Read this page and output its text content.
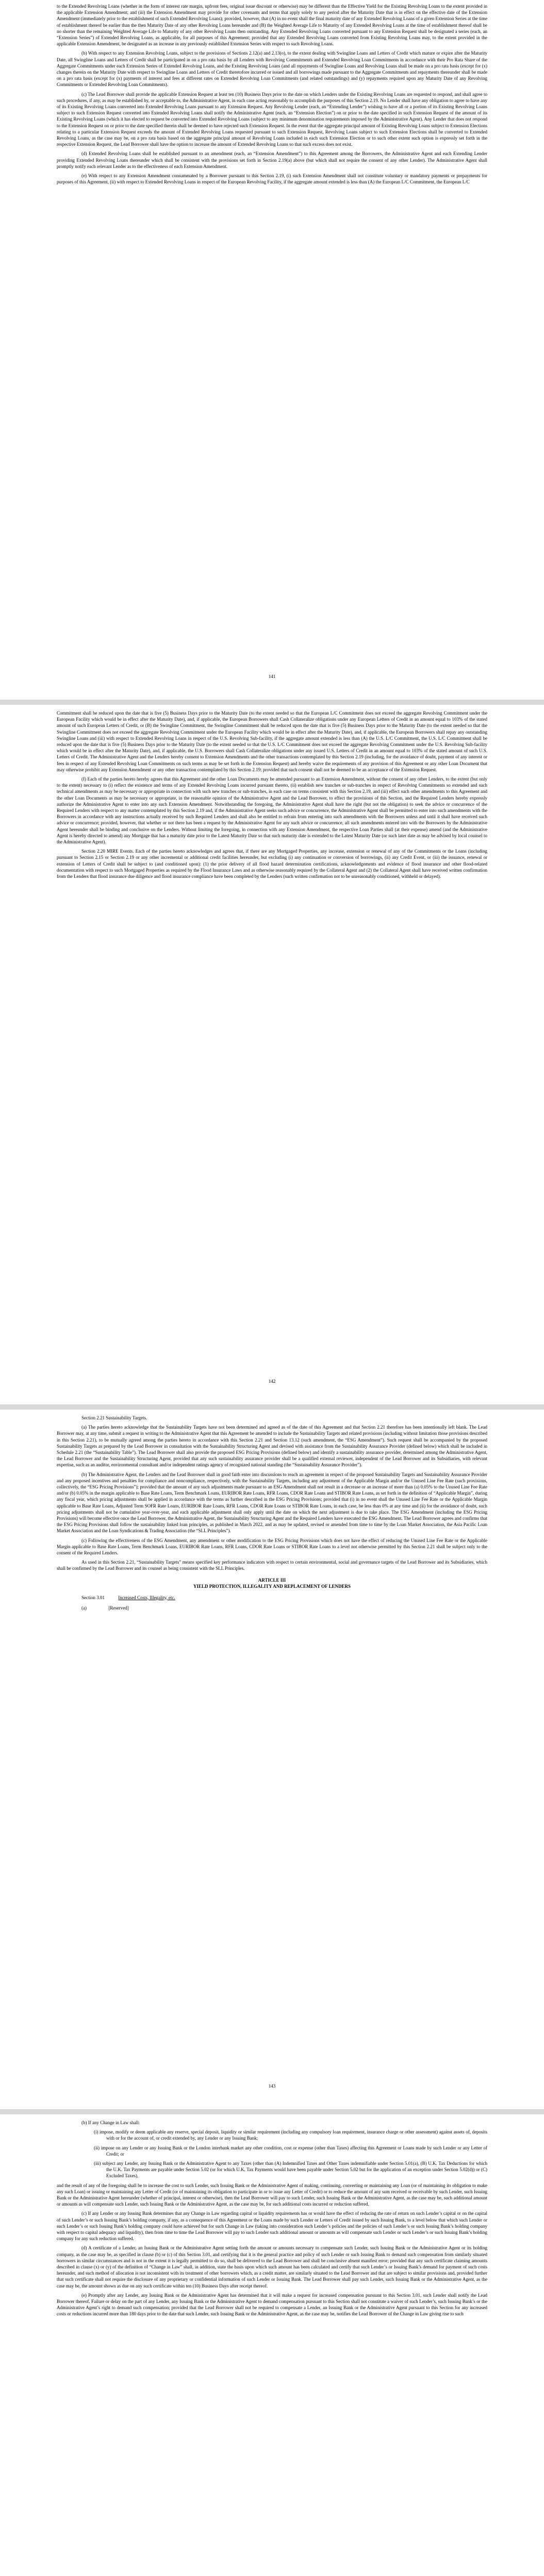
to the Extended Revolving Loans (whether in the form of interest rate margin, upfront fees, original issue discount or otherwise) may be different than the Effective Yield for the Existing Revolving Loans to the extent provided in the applicable Extension Amendment; and (iii) the Extension Amendment may provide for other covenants and terms that apply solely to any period after the Maturity Date that is in effect on the effective date of the Extension Amendment (immediately prior to the establishment of such Extended Revolving Loans); provided, however, that (A) in no event shall the final maturity date of any Extended Revolving Loans of a given Extension Series at the time of establishment thereof be earlier than the then Maturity Date of any other Revolving Loans hereunder and (B) the Weighted Average Life to Maturity of any Extended Revolving Loans at the time of establishment thereof shall be no shorter than the remaining Weighted Average Life to Maturity of any other Revolving Loans then outstanding. Any Extended Revolving Loans converted pursuant to any Extension Request shall be designated a series (each, an “Extension Series”) of Extended Revolving Loans, as applicable, for all purposes of this Agreement; provided that any Extended Revolving Loans converted from Existing Revolving Loans may, to the extent provided in the applicable Extension Amendment, be designated as an increase in any previously established Extension Series with respect to such Revolving Loans.

(b) With respect to any Extension Revolving Loans, subject to the provisions of Sections 2.12(a) and 2.13(o), to the extent dealing with Swingline Loans and Letters of Credit which mature or expire after the Maturity Date, all Swingline Loans and Letters of Credit shall be participated in on a pro rata basis by all Lenders with Revolving Commitments and Extended Revolving Loan Commitments in accordance with their Pro Rata Share of the Aggregate Commitments under each Extension Series of Extended Revolving Loans, and the Existing Revolving Loans (and all repayments of Swingline Loans and Revolving Loans shall be made on a pro rata basis (except for (x) changes therein on the Maturity Date with respect to Swingline Loans and Letters of Credit theretofore incurred or issued and all borrowings made pursuant to the Aggregate Commitments and repayments thereunder shall be made on a pro rata basis (except for (x) payments of interest and fees at different rates on Extended Revolving Loan Commitments (and related outstandings) and (y) repayments required upon any Maturity Date of any Revolving Commitments or Extended Revolving Loan Commitments).

(c) The Lead Borrower shall provide the applicable Extension Request at least ten (10) Business Days prior to the date on which Lenders under the Existing Revolving Loans are requested to respond, and shall agree to such procedures, if any, as may be established by, or acceptable to, the Administrative Agent, in each case acting reasonably to accomplish the purposes of this Section 2.19. No Lender shall have any obligation to agree to have any of its Existing Revolving Loans converted into Extended Revolving Loans pursuant to any Extension Request. Any Revolving Lender (each, an “Extending Lender”) wishing to have all or a portion of its Existing Revolving Loans subject to such Extension Request converted into Extended Revolving Loans shall notify the Administrative Agent (each, an “Extension Election”) on or prior to the date specified in such Extension Request of the amount of its Existing Revolving Loans (which it has elected to request be converted into Extended Revolving Loans (subject to any minimum denomination requirements imposed by the Administrative Agent). Any Lender that does not respond to the Extension Request on or prior to the date specified therein shall be deemed to have rejected such Extension Request. In the event that the aggregate principal amount of Existing Revolving Loans subject to Extension Elections relating to a particular Extension Request exceeds the amount of Extended Revolving Loans requested pursuant to such Extension Request, Revolving Loans subject to such Extension Elections shall be converted to Extended Revolving Loans, as the case may be, on a pro rata basis based on the aggregate principal amount of Revolving Loans included in each such Extension Election or to such other extent such option is expressly set forth in the respective Extension Request, the Lead Borrower shall have the option to increase the amount of Extended Revolving Loans so that such excess does not exist.

(d) Extended Revolving Loans shall be established pursuant to an amendment (each, an “Extension Amendment”) to this Agreement among the Borrowers, the Administrative Agent and each Extending Lender providing Extended Revolving Loans thereunder which shall be consistent with the provisions set forth in Section 2.19(a) above (but which shall not require the consent of any other Lender). The Administrative Agent shall promptly notify each relevant Lender as to the effectiveness of each Extension Amendment.

(e) With respect to any Extension Amendment consummated by a Borrower pursuant to this Section 2.19, (i) such Extension Amendment shall not constitute voluntary or mandatory payments or prepayments for purposes of this Agreement, (ii) with respect to Extended Revolving Loans in respect of the European Revolving Facility, if the aggregate amount extended is less than (A) the European L/C Commitment, the European L/C

141

Commitment shall be reduced upon the date that is five (5) Business Days prior to the Maturity Date (to the extent needed so that the European L/C Commitment does not exceed the aggregate Revolving Commitment under the European Facility which would be in effect after the Maturity Date), and, if applicable, the European Borrowers shall Cash Collateralize obligations under any European Letters of Credit in an amount equal to 103% of the stated amount of such European Letters of Credit, or (B) the Swingline Commitment, the Swingline Commitment shall be reduced upon the date that is five (5) Business Days prior to the Maturity Date (to the extent needed so that the Swingline Commitment does not exceed the aggregate Revolving Commitment under the European Facility which would be in effect after the Maturity Date), and, if applicable, the European Borrowers shall repay any outstanding Swingline Loans and (iii) with respect to Extended Revolving Loans in respect of the U.S. Revolving Sub-facility, if the aggregate amount extended is less than (A) the U.S. L/C Commitment, the U.S. L/C Commitment shall be reduced upon the date that is five (5) Business Days prior to the Maturity Date (to the extent needed so that the U.S. L/C Commitment does not exceed the aggregate Revolving Commitment under the U.S. Revolving Sub-facility which would be in effect after the Maturity Date), and, if applicable, the U.S. Borrowers shall Cash Collateralize obligations under any issued U.S. Letters of Credit in an amount equal to 103% of the stated amount of such U.S. Letters of Credit. The Administrative Agent and the Lenders hereby consent to Extension Amendments and the other transactions contemplated by this Section 2.19 (including, for the avoidance of doubt, payment of any interest or fees in respect of any Extended Revolving Loan Commitments on such terms as may be set forth in the Extension Request) and hereby waive the requirements of any provision of this Agreement or any other Loan Document that may otherwise prohibit any Extension Amendment or any other transaction contemplated by this Section 2.19; provided that such consent shall not be deemed to be an acceptance of the Extension Request.

(f) Each of the parties hereto hereby agrees that this Agreement and the other Loan Documents may be amended pursuant to an Extension Amendment, without the consent of any other Lenders, to the extent (but only to the extent) necessary to (i) reflect the existence and terms of any Extended Revolving Loans incurred pursuant thereto, (ii) establish new tranches or sub-tranches in respect of Revolving Commitments so extended and such technical amendments as may be necessary or appropriate in connection with such new tranches or sub-tranches, in each case on terms consistent with this Section 2.19, and (iii) effect such other amendments to this Agreement and the other Loan Documents as may be necessary or appropriate, in the reasonable opinion of the Administrative Agent and the Lead Borrower, to effect the provisions of this Section, and the Required Lenders hereby expressly authorize the Administrative Agent to enter into any such Extension Amendment. Notwithstanding the foregoing, the Administrative Agent shall have the right (but not the obligation) to seek the advice or concurrence of the Required Lenders with respect to any matter contemplated by this Section 2.19 and, if the Administrative Agent seeks such advice or concurrence, the Administrative Agent shall be permitted to enter into such amendments with the Borrowers in accordance with any instructions actually received by such Required Lenders and shall also be entitled to refrain from entering into such amendments with the Borrowers unless and until it shall have received such advice or concurrence; provided, however, that whether or not there has been a request by the Administrative Agent for any such advice or concurrence, all such amendments entered into with the Borrowers by the Administrative Agent hereunder shall be binding and conclusive on the Lenders. Without limiting the foregoing, in connection with any Extension Amendment, the respective Loan Parties shall (at their expense) amend (and the Administrative Agent is hereby directed to amend) any Mortgage that has a maturity date prior to the Latest Maturity Date so that such maturity date is extended to the Latest Maturity Date (or such later date as may be advised by local counsel to the Administrative Agent).

Section 2.20 MIRE Events. Each of the parties hereto acknowledges and agrees that, if there are any Mortgaged Properties, any increase, extension or renewal of any of the Commitments or the Loans (including pursuant to Section 2.15 or Section 2.19 or any other incremental or additional credit facilities hereunder, but excluding (i) any continuation or conversion of borrowings, (ii) any Credit Event, or (iii) the issuance, renewal or extension of Letters of Credit shall be subject to (and conditioned upon): (1) the prior delivery of all flood hazard determination certifications, acknowledgements and evidence of flood insurance and other flood-related documentation with respect to such Mortgaged Properties as required by the Flood Insurance Laws and as otherwise reasonably required by the Collateral Agent and (2) the Collateral Agent shall have received written confirmation from the Lenders that flood insurance due diligence and flood insurance compliance have been completed by the Lenders (such written confirmation not to be unreasonably conditioned, withheld or delayed).

142

Section 2.21 Sustainability Targets.

(a) The parties hereto acknowledge that the Sustainability Targets have not been determined and agreed as of the date of this Agreement and that Section 2.21 therefore has been intentionally left blank. The Lead Borrower may, at any time, submit a request in writing to the Administrative Agent that this Agreement be amended to include the Sustainability Targets and related provisions (including without limitation those provisions described in this Section 2.21), to be mutually agreed among the parties hereto in accordance with this Section 2.21 and Section 13.12 (such amendment, the “ESG Amendment”). Such request shall be accompanied by the proposed Sustainability Targets as prepared by the Lead Borrower in consultation with the Sustainability Structuring Agent and devised with assistance from the Sustainability Assurance Provider (defined below) which shall be included in Schedule 2.21 (the “Sustainability Table”). The Lead Borrower shall also provide the proposed ESG Pricing Provisions (defined below) and identify a sustainability assurance provider, determined among the Administrative Agent, the Lead Borrower and the Sustainability Structuring Agent, provided that any such sustainability assurance provider shall be a qualified external reviewer, independent of the Lead Borrower and its Subsidiaries, with relevant expertise, such as an auditor, environmental consultant and/or independent ratings agency of recognized national standing (the “Sustainability Assurance Provider”).

(b) The Administrative Agent, the Lenders and the Lead Borrower shall in good faith enter into discussions to reach an agreement in respect of the proposed Sustainability Targets and Sustainability Assurance Provider and any proposed incentives and penalties for compliance and noncompliance, respectively, with the Sustainability Targets, including any adjustment of the Applicable Margin and/or the Unused Line Fee Rate (such provisions, collectively, the “ESG Pricing Provisions”); provided that the amount of any such adjustments made pursuant to an ESG Amendment shall not result in a decrease or an increase of more than (a) 0.05% to the Unused Line Fee Rate and/or (b) 0.05% in the margin applicable to Base Rate Loans, Term Benchmark Loans, EURIBOR Rate Loans, RFR Loans, CDOR Rate Loans and STIBOR Rate Loans, as set forth in the definition of “Applicable Margin”, during any fiscal year, which pricing adjustments shall be applied in accordance with the terms as further described in the ESG Pricing Provisions; provided that (i) in no event shall the Unused Line Fee Rate or the Applicable Margin applicable to Base Rate Loans, Adjusted Term SOFR Rate Loans, EURIBOR Rate Loans, RFR Loans, CDOR Rate Loans or STIBOR Rate Loans, in each case, be less than 0% at any time and (ii) for the avoidance of doubt, such pricing adjustments shall not be cumulative year-over-year, and each applicable adjustment shall only apply until the date on which the next adjustment is due to take place. The ESG Amendment (including the ESG Pricing Provisions) will become effective once the Lead Borrower, the Administrative Agent, the Sustainability Structuring Agent and the Required Lenders have executed the ESG Amendment. The Lead Borrower agrees and confirms that the ESG Pricing Provisions shall follow the sustainability linked loan principles, as published in March 2022, and as may be updated, revised or amended from time to time by the Loan Market Association, the Asia Pacific Loan Market Association and the Loan Syndications & Trading Association (the “SLL Principles”).

(c) Following the effectiveness of the ESG Amendment, any amendment or other modification to the ESG Pricing Provisions which does not have the effect of reducing the Unused Line Fee Rate or the Applicable Margin applicable to Base Rate Loans, Term Benchmark Loans, EURIBOR Rate Loans, RFR Loans, CDOR Rate Loans or STIBOR Rate Loans to a level not otherwise permitted by this Section 2.21 shall be subject only to the consent of the Required Lenders.

As used in this Section 2.21, “Sustainability Targets” means specified key performance indicators with respect to certain environmental, social and governance targets of the Lead Borrower and its Subsidiaries, which shall be confirmed by the Lead Borrower and its counsel as being consistent with the SLL Principles.

ARTICLE III
YIELD PROTECTION, ILLEGALITY AND REPLACEMENT OF LENDERS
Section 3.01	Increased Costs, Illegality, etc.
(a)	[Reserved]
143

(b) If any Change in Law shall:

(i) impose, modify or deem applicable any reserve, special deposit, liquidity or similar requirement (including any compulsory loan requirement, insurance charge or other assessment) against assets of, deposits with or for the account of, or credit extended by, any Lender or any Issuing Bank;

(ii) impose on any Lender or any Issuing Bank or the London interbank market any other condition, cost or expense (other than Taxes) affecting this Agreement or Loans made by such Lender or any Letter of Credit; or

(iii) subject any Lender, any Issuing Bank or the Administrative Agent to any Taxes (other than (A) Indemnified Taxes and Other Taxes indemnifiable under Section 5.01(a), (B) U.K. Tax Deductions for which the U.K. Tax Payments are payable under Section 5.02 (or for which U.K. Tax Payments would have been payable under Section 5.02 but for the application of an exception under Section 5.02(d)) or (C) Excluded Taxes),

and the result of any of the foregoing shall be to increase the cost to such Lender, such Issuing Bank or the Administrative Agent of making, continuing, converting or maintaining any Loan (or of maintaining its obligation to make any such Loan) or issuing or maintaining any Letter of Credit (or of maintaining its obligation to participate in or to issue any Letter of Credit) or to reduce the amount of any sum received or receivable by such Lender, such Issuing Bank or the Administrative Agent hereunder (whether of principal, interest or otherwise), then the Lead Borrower will pay to such Lender, such Issuing Bank or the Administrative Agent, as the case may be, such additional amount or amounts as will compensate such Lender, such Issuing Bank or the Administrative Agent, as the case may be, for such additional costs incurred or reduction suffered.

(c) If any Lender or any Issuing Bank determines that any Change in Law regarding capital or liquidity requirements has or would have the effect of reducing the rate of return on such Lender’s capital or on the capital of such Lender’s or such Issuing Bank’s holding company, if any, as a consequence of this Agreement or the Loans made by such Lender or Letters of Credit issued by such Issuing Bank, to a level below that which such Lender or such Lender’s or such Issuing Bank’s holding company could have achieved but for such Change in Law (taking into consideration such Lender’s policies and the policies of such Lender’s or such Issuing Bank’s holding company with respect to capital adequacy and liquidity), then from time to time the Lead Borrower will pay to such Lender such additional amount or amounts as will compensate such Lender or such Lender’s or such Issuing Bank’s holding company for any such reduction suffered.

(d) A certificate of a Lender, an Issuing Bank or the Administrative Agent setting forth the amount or amounts necessary to compensate such Lender, such Issuing Bank or the Administrative Agent or its holding company, as the case may be, as specified in clause (b) or (c) of this Section 3.01, and certifying that it is the general practice and policy of such Lender or such Issuing Bank to demand such compensation from similarly situated borrowers in similar circumstances and is not in the extent it is legally permitted to do so, shall be delivered to the Lead Borrower and shall be conclusive absent manifest error; provided that any such certificate claiming amounts described in clause (x) or (y) of the definition of “Change in Law” shall, in addition, state the basis upon which such amount has been calculated and certify that such Lender’s or Issuing Bank’s demand for payment of such costs hereunder, and such method of allocation is not inconsistent with its treatment of other borrowers which, as a credit matter, are similarly situated to the Lead Borrower and that are subject to similar provisions and, provided further that such certificate shall not require the disclosure of any proprietary or confidential information of such Lender or Issuing Bank. The Lead Borrower shall pay such Lender, such Issuing Bank or the Administrative Agent, as the case may be, the amount shown as due on any such certificate within ten (10) Business Days after receipt thereof.

(e) Promptly after any Lender, any Issuing Bank or the Administrative Agent has determined that it will make a request for increased compensation pursuant to this Section 3.01, such Lender shall notify the Lead Borrower thereof. Failure or delay on the part of any Lender, any Issuing Bank or the Administrative Agent to demand compensation pursuant to this Section shall not constitute a waiver of such Lender’s, such Issuing Bank’s or the Administrative Agent’s right to demand such compensation; provided that the Lead Borrower shall not be required to compensate a Lender, an Issuing Bank or the Administrative Agent pursuant to this Section for any increased costs or reductions incurred more than 180 days prior to the date that such Lender, such Issuing Bank or the Administrative Agent, as the case may be, notifies the Lead Borrower of the Change in Law giving rise to such
